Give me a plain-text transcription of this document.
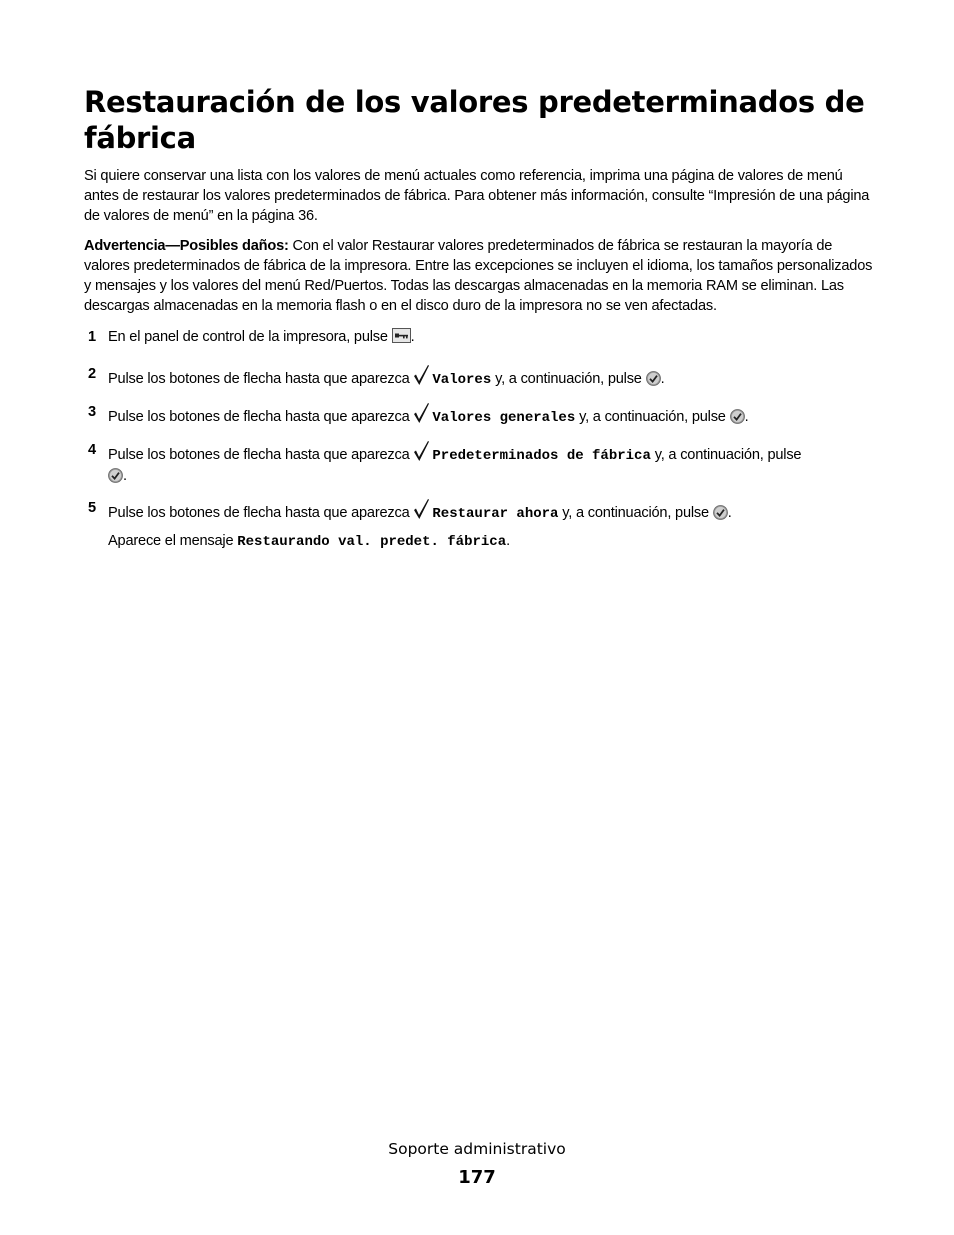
Restauración de los valores predeterminados de fábrica

Si quiere conservar una lista con los valores de menú actuales como referencia, imprima una página de valores de menú antes de restaurar los valores predeterminados de fábrica. Para obtener más información, consulte “Impresión de una página de valores de menú” en la página 36.

Advertencia—Posibles daños: Con el valor Restaurar valores predeterminados de fábrica se restauran la mayoría de valores predeterminados de fábrica de la impresora. Entre las excepciones se incluyen el idioma, los tamaños personalizados y mensajes y los valores del menú Red/Puertos. Todas las descargas almacenadas en la memoria RAM se eliminan. Las descargas almacenadas en la memoria flash o en el disco duro de la impresora no se ven afectadas.

1 En el panel de control de la impresora, pulse .
2 Pulse los botones de flecha hasta que aparezca Valores y, a continuación, pulse .
3 Pulse los botones de flecha hasta que aparezca Valores generales y, a continuación, pulse .
4 Pulse los botones de flecha hasta que aparezca Predeterminados de fábrica y, a continuación, pulse
.
5 Pulse los botones de flecha hasta que aparezca Restaurar ahora y, a continuación, pulse .
Aparece el mensaje Restaurando val. predet. fábrica.
Soporte administrativo
177
